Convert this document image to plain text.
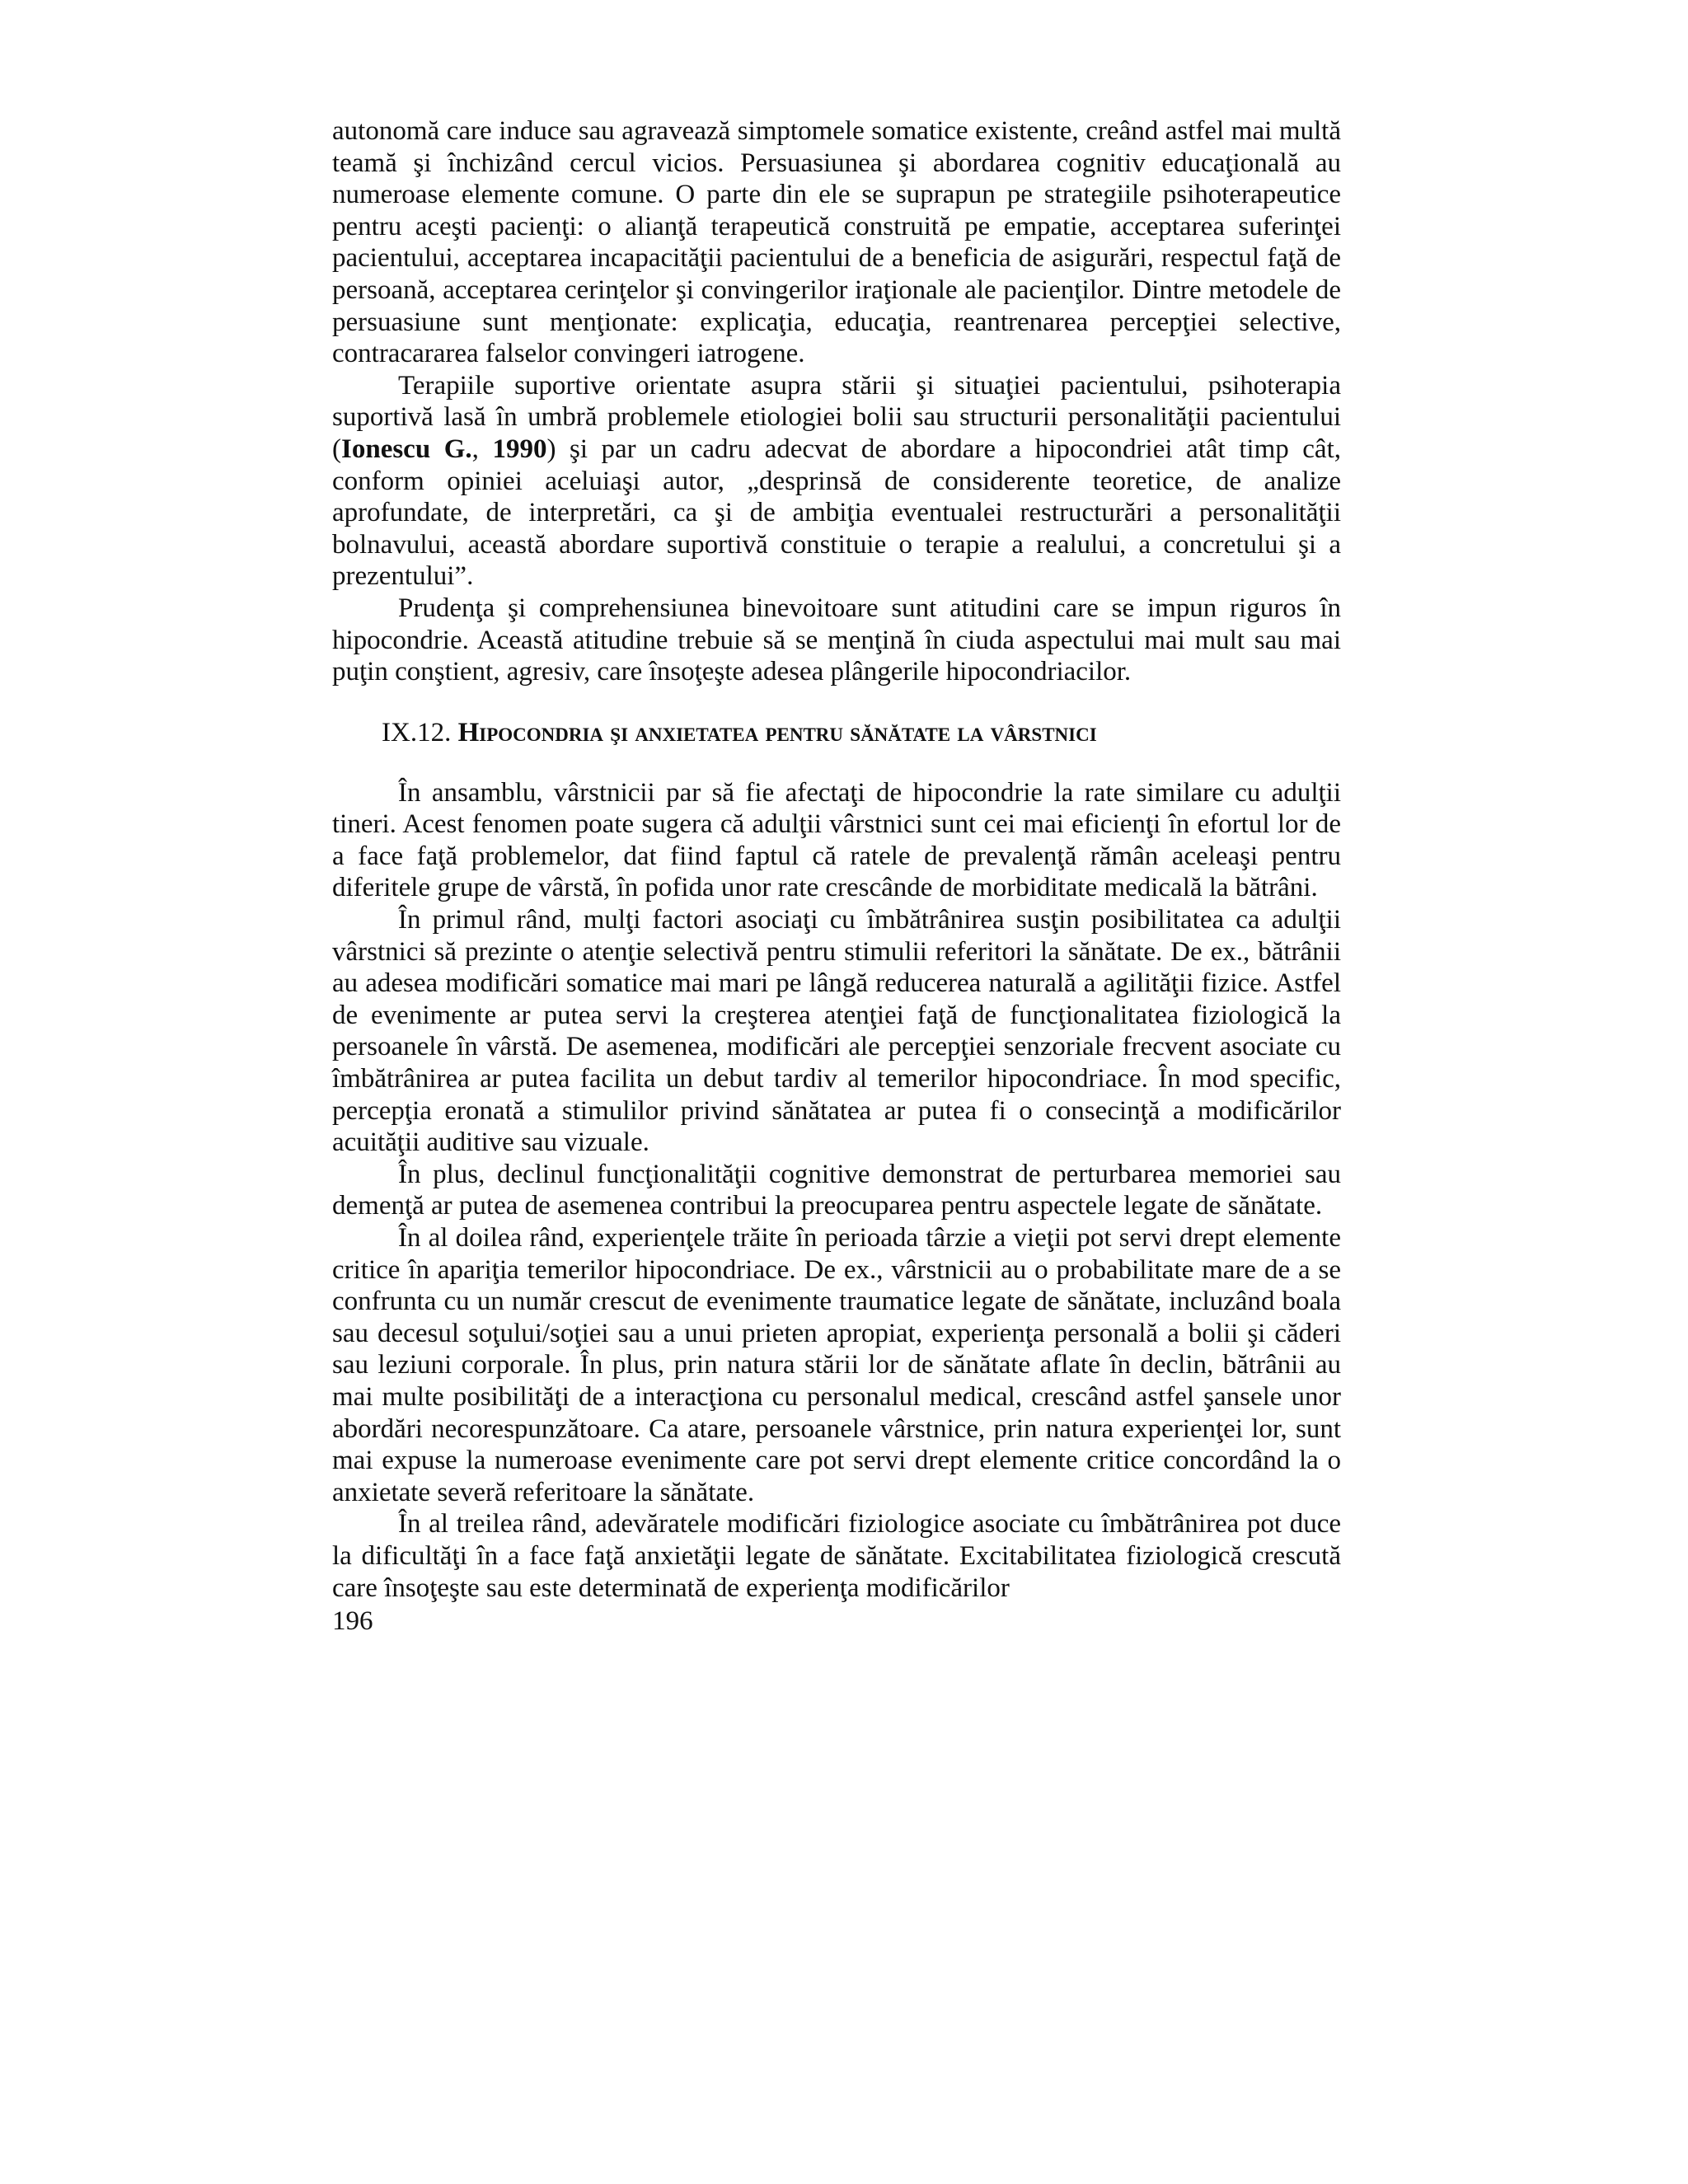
autonomă care induce sau agravează simptomele somatice existente, creând astfel mai multă teamă şi închizând cercul vicios. Persuasiunea şi abordarea cognitiv educaţională au numeroase elemente comune. O parte din ele se suprapun pe strategiile psihoterapeutice pentru aceşti pacienţi: o alianţă terapeutică construită pe empatie, acceptarea suferinţei pacientului, acceptarea incapacităţii pacientului de a beneficia de asigurări, respectul faţă de persoană, acceptarea cerinţelor şi convingerilor iraţionale ale pacienţilor. Dintre metodele de persuasiune sunt menţionate: explicaţia, educaţia, reantrenarea percepţiei selective, contracararea falselor convingeri iatrogene.

Terapiile suportive orientate asupra stării şi situaţiei pacientului, psihoterapia suportivă lasă în umbră problemele etiologiei bolii sau structurii personalităţii pacientului (Ionescu G., 1990) şi par un cadru adecvat de abordare a hipocondriei atât timp cât, conform opiniei aceluiaşi autor, „desprinsă de considerente teoretice, de analize aprofundate, de interpretări, ca şi de ambiţia eventualei restructurări a personalităţii bolnavului, această abordare suportivă constituie o terapie a realului, a concretului şi a prezentului”.

Prudenţa şi comprehensiunea binevoitoare sunt atitudini care se impun riguros în hipocondrie. Această atitudine trebuie să se menţină în ciuda aspectului mai mult sau mai puţin conştient, agresiv, care însoţeşte adesea plângerile hipocondriacilor.

IX.12. Hipocondria şi anxietatea pentru sănătate la vârstnici

În ansamblu, vârstnicii par să fie afectaţi de hipocondrie la rate similare cu adulţii tineri. Acest fenomen poate sugera că adulţii vârstnici sunt cei mai eficienţi în efortul lor de a face faţă problemelor, dat fiind faptul că ratele de prevalenţă rămân aceleaşi pentru diferitele grupe de vârstă, în pofida unor rate crescânde de morbiditate medicală la bătrâni.

În primul rând, mulţi factori asociaţi cu îmbătrânirea susţin posibilitatea ca adulţii vârstnici să prezinte o atenţie selectivă pentru stimulii referitori la sănătate. De ex., bătrânii au adesea modificări somatice mai mari pe lângă reducerea naturală a agilităţii fizice. Astfel de evenimente ar putea servi la creşterea atenţiei faţă de funcţionalitatea fiziologică la persoanele în vârstă. De asemenea, modificări ale percepţiei senzoriale frecvent asociate cu îmbătrânirea ar putea facilita un debut tardiv al temerilor hipocondriace. În mod specific, percepţia eronată a stimulilor privind sănătatea ar putea fi o consecinţă a modificărilor acuităţii auditive sau vizuale.

În plus, declinul funcţionalităţii cognitive demonstrat de perturbarea memoriei sau demenţă ar putea de asemenea contribui la preocuparea pentru aspectele legate de sănătate.

În al doilea rând, experienţele trăite în perioada târzie a vieţii pot servi drept elemente critice în apariţia temerilor hipocondriace. De ex., vârstnicii au o probabilitate mare de a se confrunta cu un număr crescut de evenimente traumatice legate de sănătate, incluzând boala sau decesul soţului/soţiei sau a unui prieten apropiat, experienţa personală a bolii şi căderi sau leziuni corporale. În plus, prin natura stării lor de sănătate aflate în declin, bătrânii au mai multe posibilităţi de a interacţiona cu personalul medical, crescând astfel şansele unor abordări necorespunzătoare. Ca atare, persoanele vârstnice, prin natura experienţei lor, sunt mai expuse la numeroase evenimente care pot servi drept elemente critice concordând la o anxietate severă referitoare la sănătate.

În al treilea rând, adevăratele modificări fiziologice asociate cu îmbătrânirea pot duce la dificultăţi în a face faţă anxietăţii legate de sănătate. Excitabilitatea fiziologică crescută care însoţeşte sau este determinată de experienţa modificărilor

196
